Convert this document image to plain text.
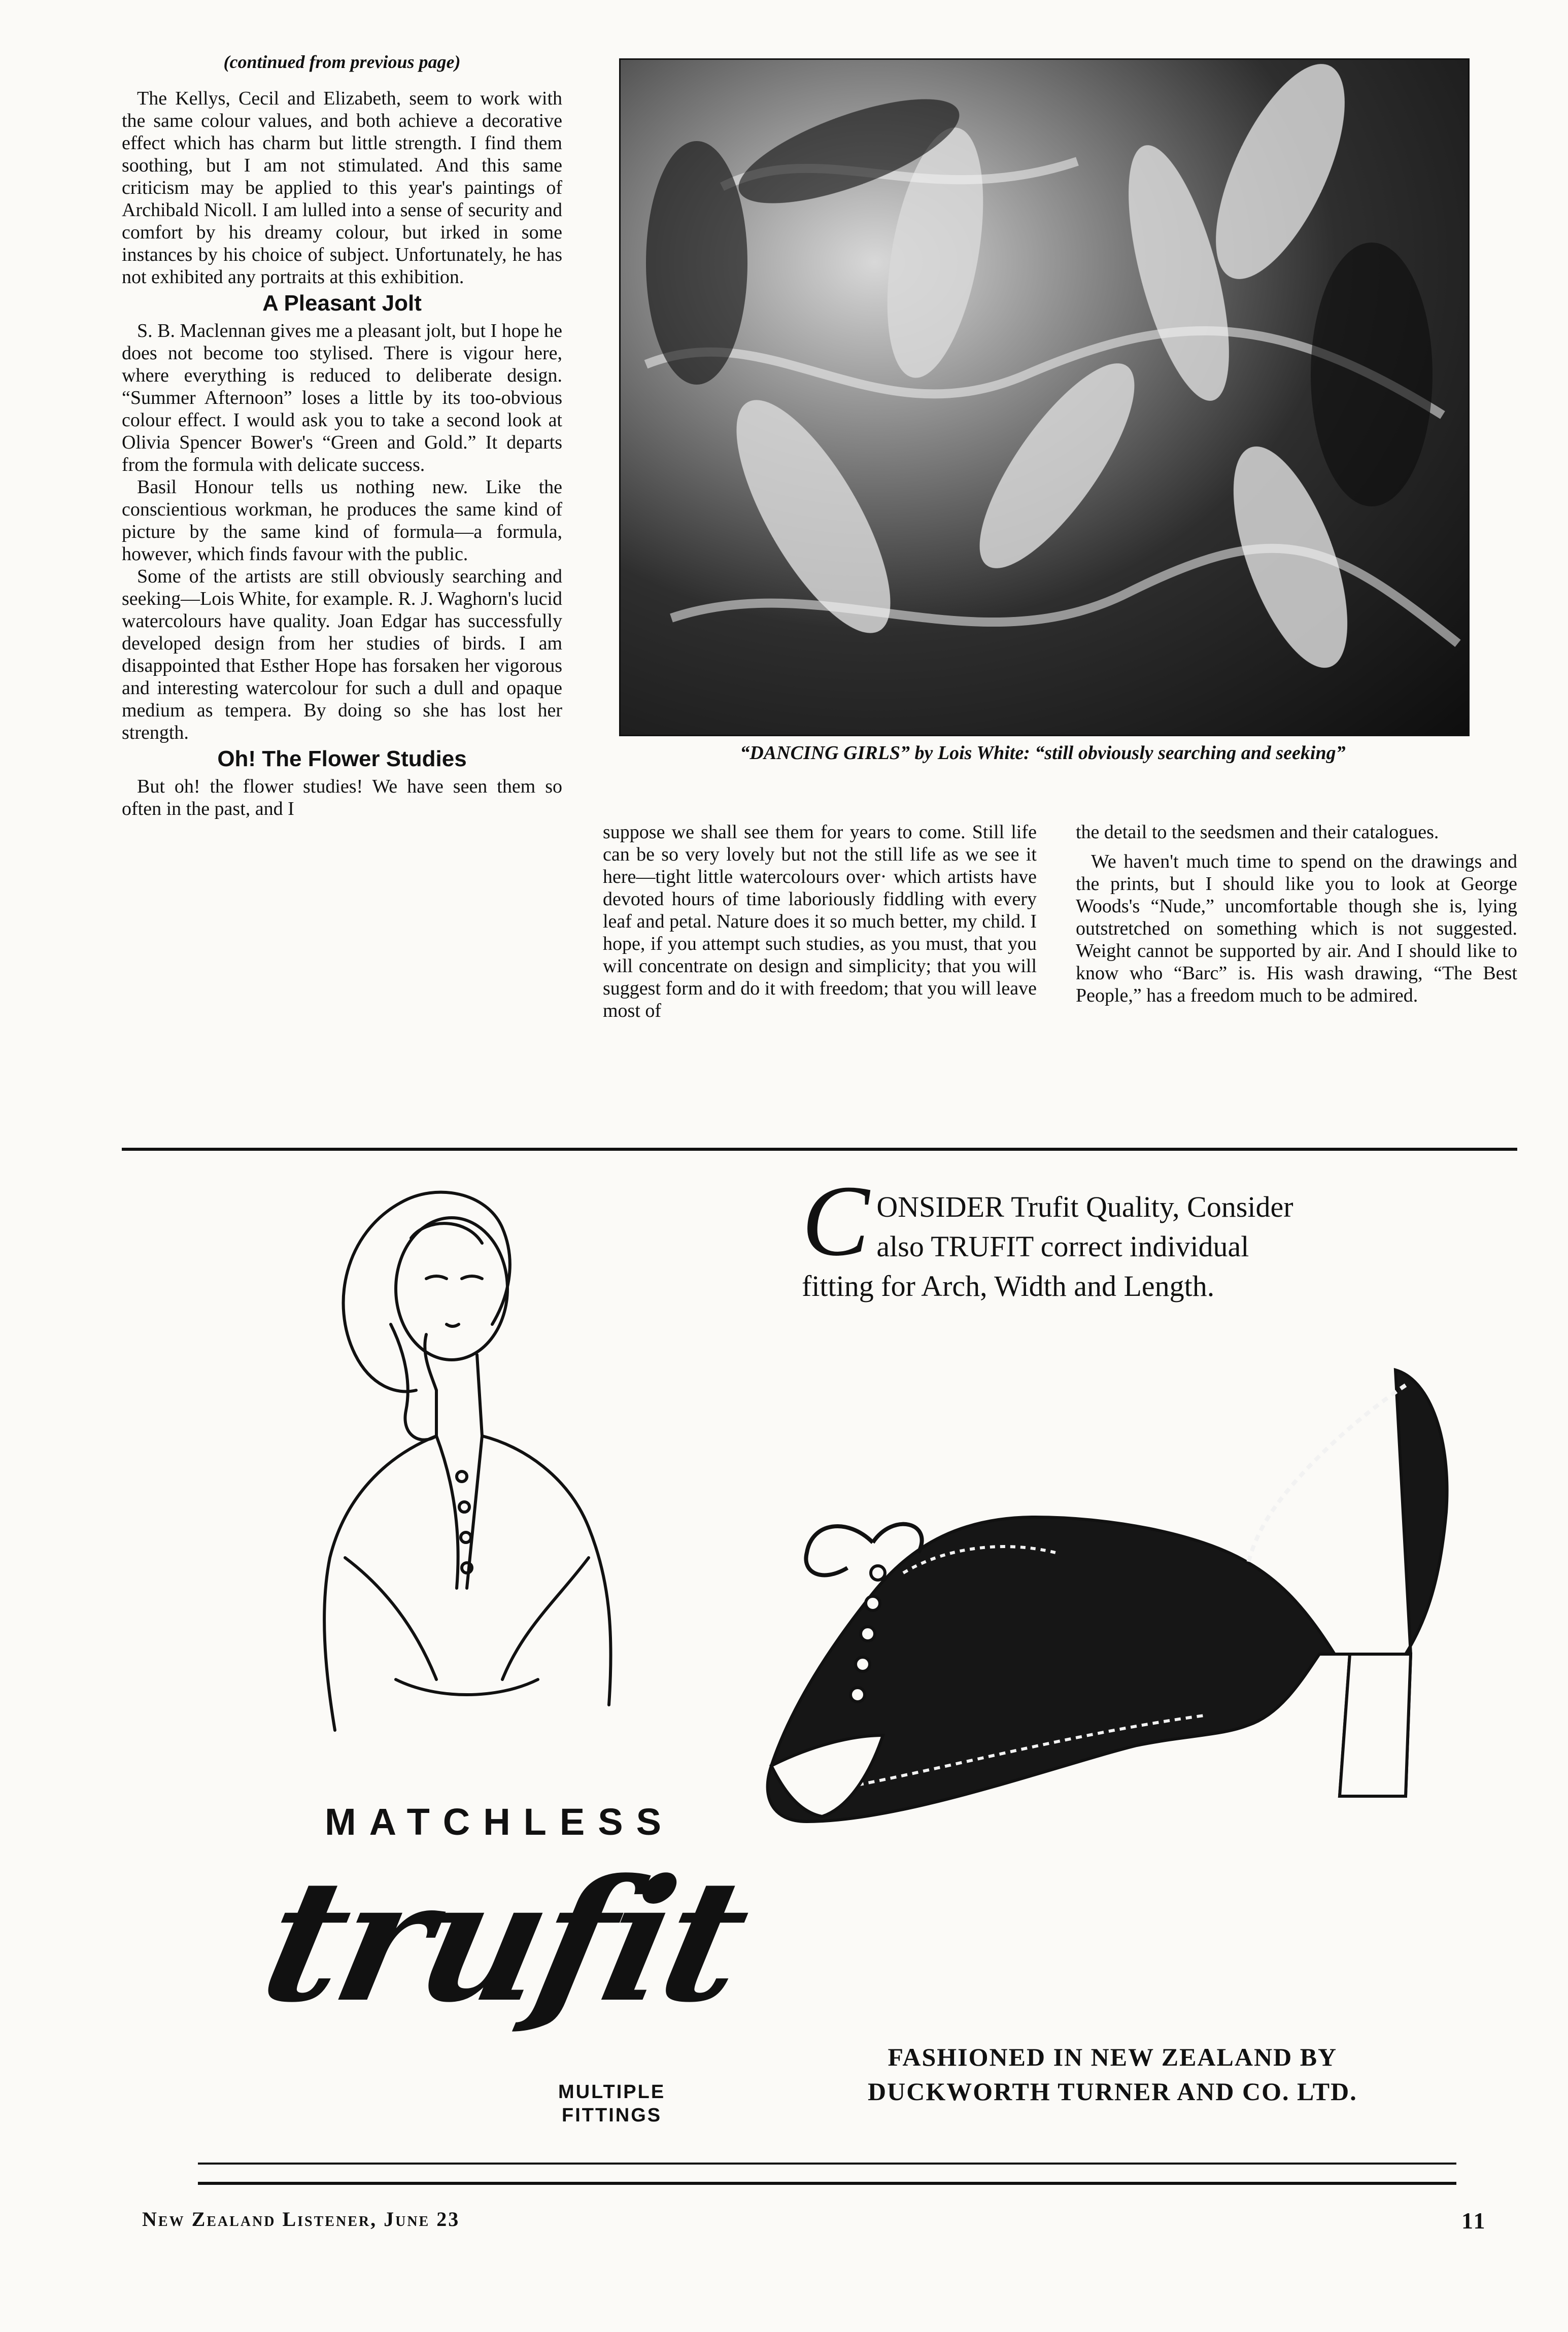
(continued from previous page)

The Kellys, Cecil and Elizabeth, seem to work with the same colour values, and both achieve a decorative effect which has charm but little strength. I find them soothing, but I am not stimulated. And this same criticism may be applied to this year's paintings of Archibald Nicoll. I am lulled into a sense of security and comfort by his dreamy colour, but irked in some instances by his choice of subject. Unfortunately, he has not exhibited any portraits at this exhibition.

A Pleasant Jolt

S. B. Maclennan gives me a pleasant jolt, but I hope he does not become too stylised. There is vigour here, where everything is reduced to deliberate design. “Summer Afternoon” loses a little by its too-obvious colour effect. I would ask you to take a second look at Olivia Spencer Bower's “Green and Gold.” It departs from the formula with delicate success.

Basil Honour tells us nothing new. Like the conscientious workman, he produces the same kind of picture by the same kind of formula—a formula, however, which finds favour with the public.

Some of the artists are still obviously searching and seeking—Lois White, for example. R. J. Waghorn's lucid watercolours have quality. Joan Edgar has successfully developed design from her studies of birds. I am disappointed that Esther Hope has forsaken her vigorous and interesting watercolour for such a dull and opaque medium as tempera. By doing so she has lost her strength.

Oh! The Flower Studies

But oh! the flower studies! We have seen them so often in the past, and I

“DANCING GIRLS” by Lois White: “still obviously searching and seeking”

suppose we shall see them for years to come. Still life can be so very lovely but not the still life as we see it here—tight little watercolours over· which artists have devoted hours of time laboriously fiddling with every leaf and petal. Nature does it so much better, my child. I hope, if you attempt such studies, as you must, that you will concentrate on design and simplicity; that you will suggest form and do it with freedom; that you will leave most of

the detail to the seedsmen and their catalogues.

We haven't much time to spend on the drawings and the prints, but I should like you to look at George Woods's “Nude,” uncomfortable though she is, lying outstretched on something which is not suggested. Weight cannot be supported by air. And I should like to know who “Barc” is. His wash drawing, “The Best People,” has a freedom much to be admired.

C ONSIDER Trufit Quality, Consider also TRUFIT correct individual fitting for Arch, Width and Length.
MATCHLESS
trufit
MULTIPLE
FITTINGS
FASHIONED IN NEW ZEALAND BY
DUCKWORTH TURNER AND CO. LTD.
New Zealand Listener, June 23	11
